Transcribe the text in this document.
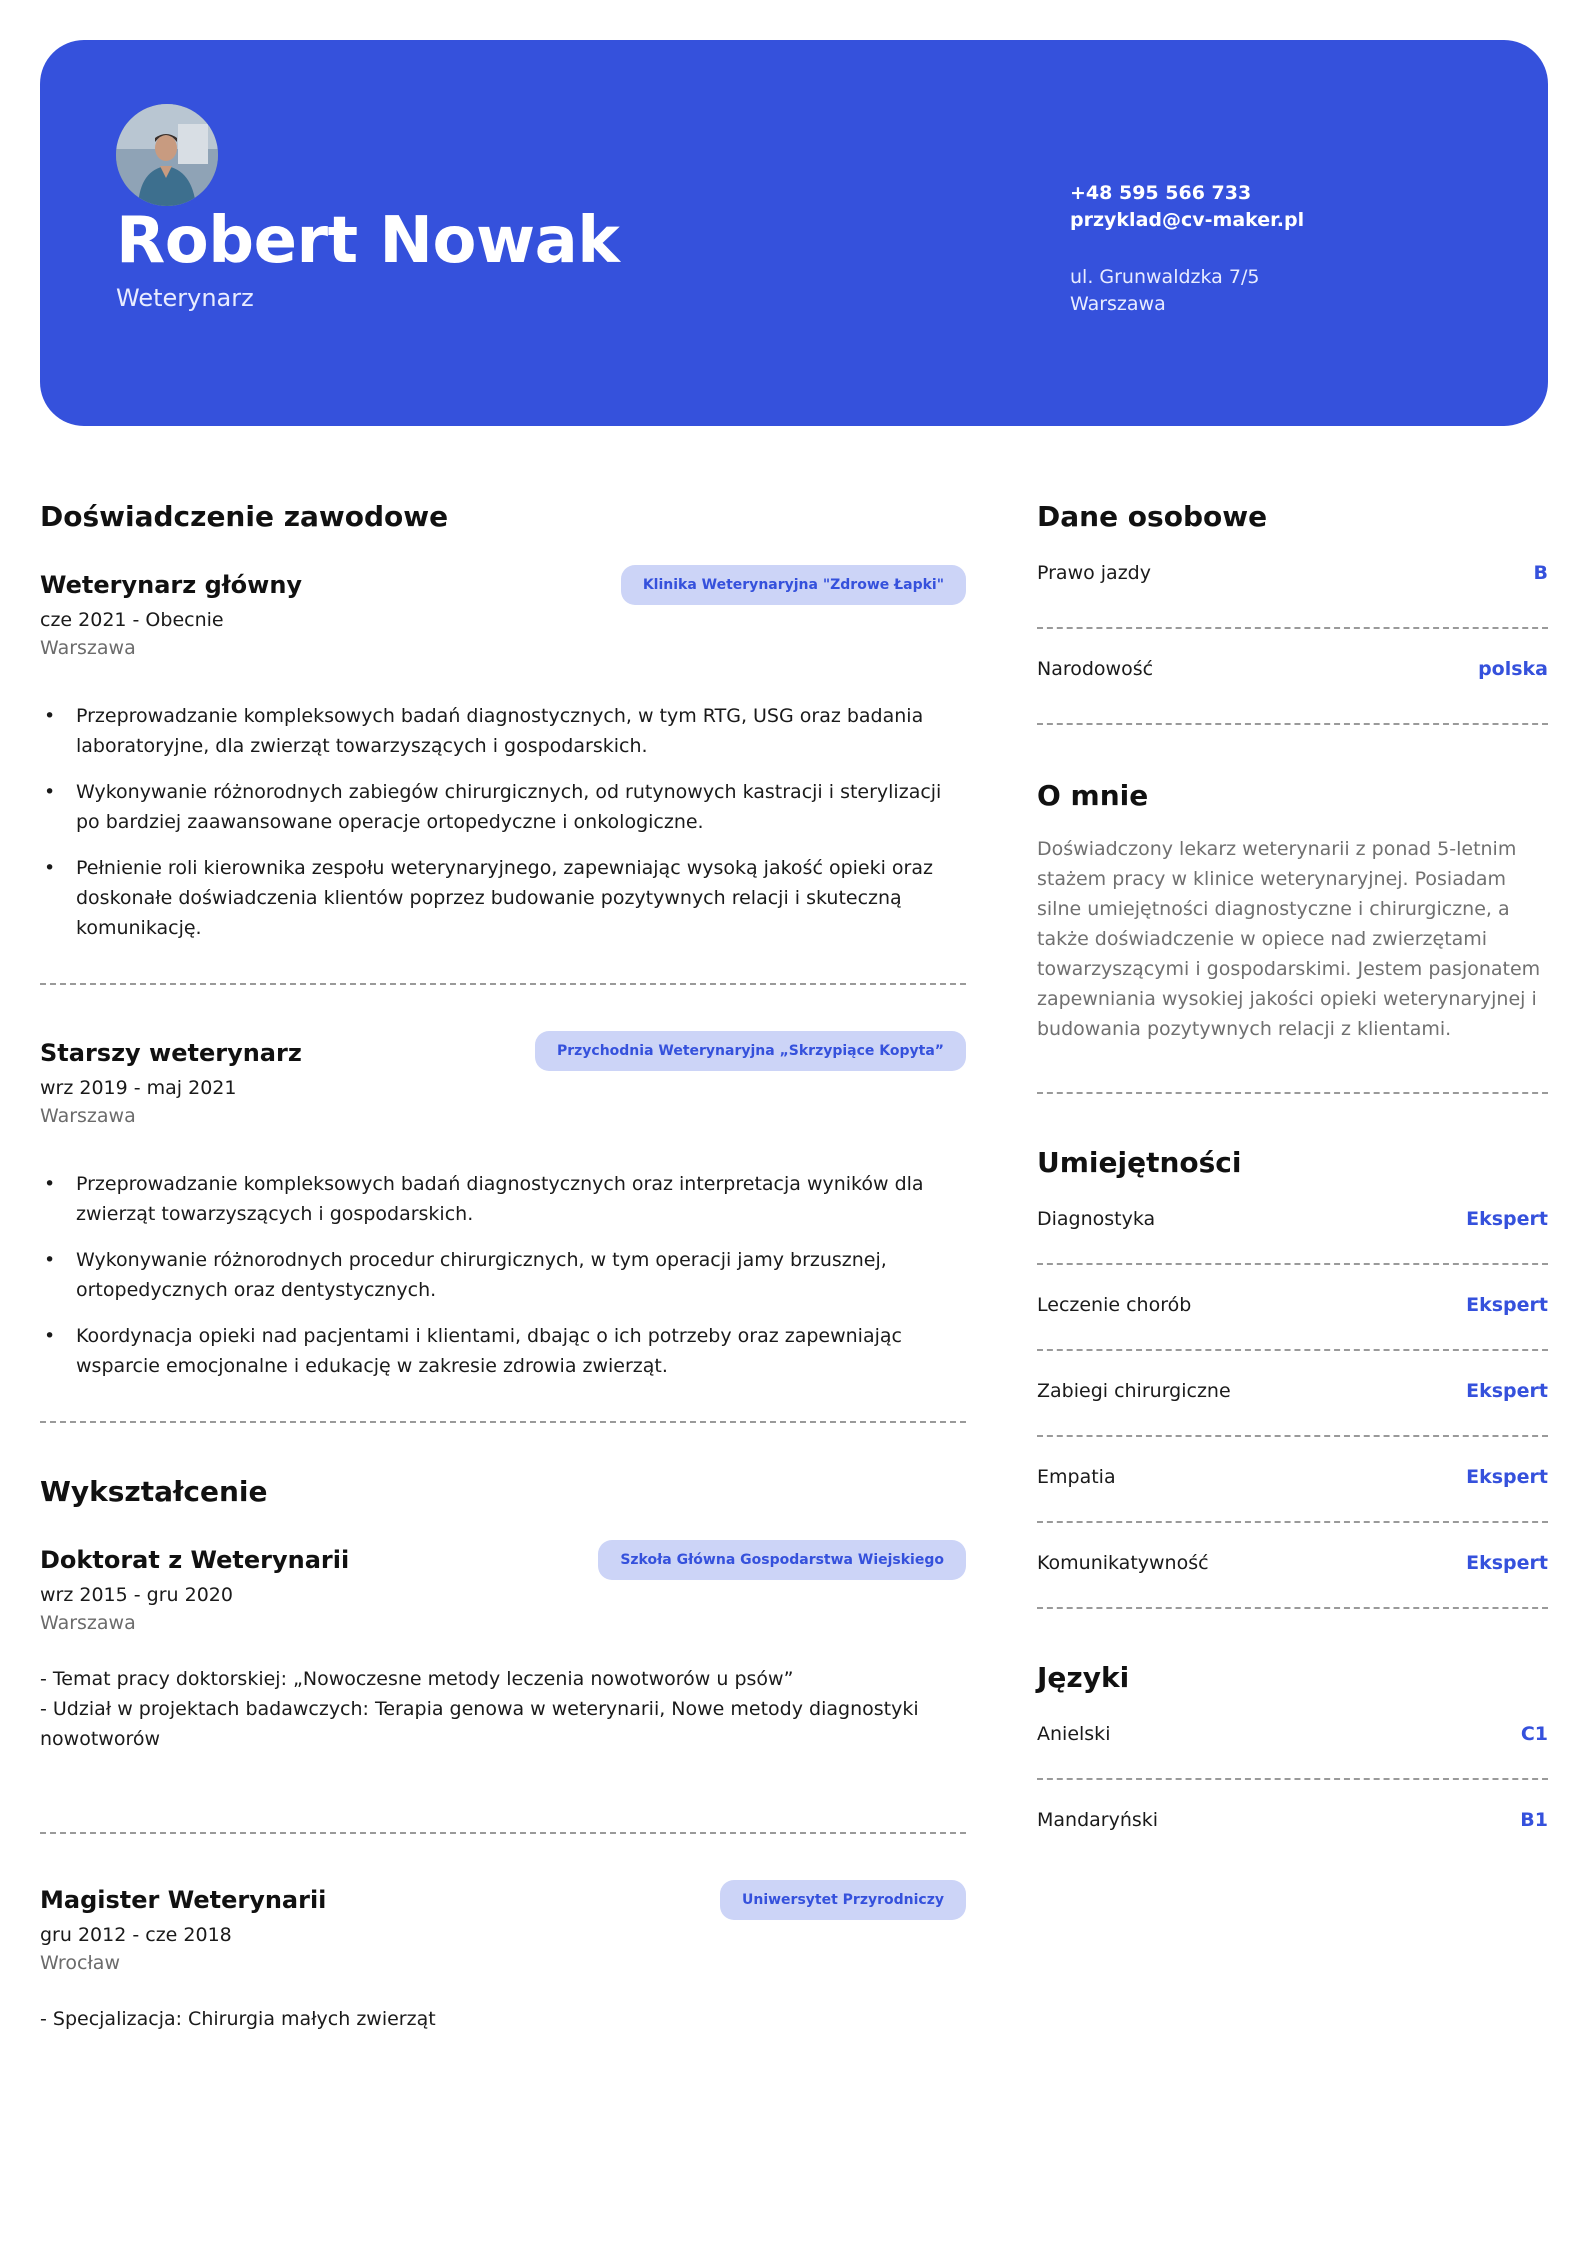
Robert Nowak
Weterynarz
+48 595 566 733
przyklad@cv-maker.pl
ul. Grunwaldzka 7/5
Warszawa
Doświadczenie zawodowe
Weterynarz główny	Klinika Weterynaryjna "Zdrowe Łapki"
cze 2021 - Obecnie
Warszawa
• Przeprowadzanie kompleksowych badań diagnostycznych, w tym RTG, USG oraz badania laboratoryjne, dla zwierząt towarzyszących i gospodarskich.
• Wykonywanie różnorodnych zabiegów chirurgicznych, od rutynowych kastracji i sterylizacji po bardziej zaawansowane operacje ortopedyczne i onkologiczne.
• Pełnienie roli kierownika zespołu weterynaryjnego, zapewniając wysoką jakość opieki oraz doskonałe doświadczenia klientów poprzez budowanie pozytywnych relacji i skuteczną komunikację.
Starszy weterynarz	Przychodnia Weterynaryjna „Skrzypiące Kopyta”
wrz 2019 - maj 2021
Warszawa
• Przeprowadzanie kompleksowych badań diagnostycznych oraz interpretacja wyników dla zwierząt towarzyszących i gospodarskich.
• Wykonywanie różnorodnych procedur chirurgicznych, w tym operacji jamy brzusznej, ortopedycznych oraz dentystycznych.
• Koordynacja opieki nad pacjentami i klientami, dbając o ich potrzeby oraz zapewniając wsparcie emocjonalne i edukację w zakresie zdrowia zwierząt.
Wykształcenie
Doktorat z Weterynarii	Szkoła Główna Gospodarstwa Wiejskiego
wrz 2015 - gru 2020
Warszawa
- Temat pracy doktorskiej: „Nowoczesne metody leczenia nowotworów u psów”
- Udział w projektach badawczych: Terapia genowa w weterynarii, Nowe metody diagnostyki nowotworów
Magister Weterynarii	Uniwersytet Przyrodniczy
gru 2012 - cze 2018
Wrocław
- Specjalizacja: Chirurgia małych zwierząt
Dane osobowe
Prawo jazdy	B
Narodowość	polska
O mnie
Doświadczony lekarz weterynarii z ponad 5-letnim stażem pracy w klinice weterynaryjnej. Posiadam silne umiejętności diagnostyczne i chirurgiczne, a także doświadczenie w opiece nad zwierzętami towarzyszącymi i gospodarskimi. Jestem pasjonatem zapewniania wysokiej jakości opieki weterynaryjnej i budowania pozytywnych relacji z klientami.
Umiejętności
Diagnostyka	Ekspert
Leczenie chorób	Ekspert
Zabiegi chirurgiczne	Ekspert
Empatia	Ekspert
Komunikatywność	Ekspert
Języki
Anielski	C1
Mandaryński	B1
